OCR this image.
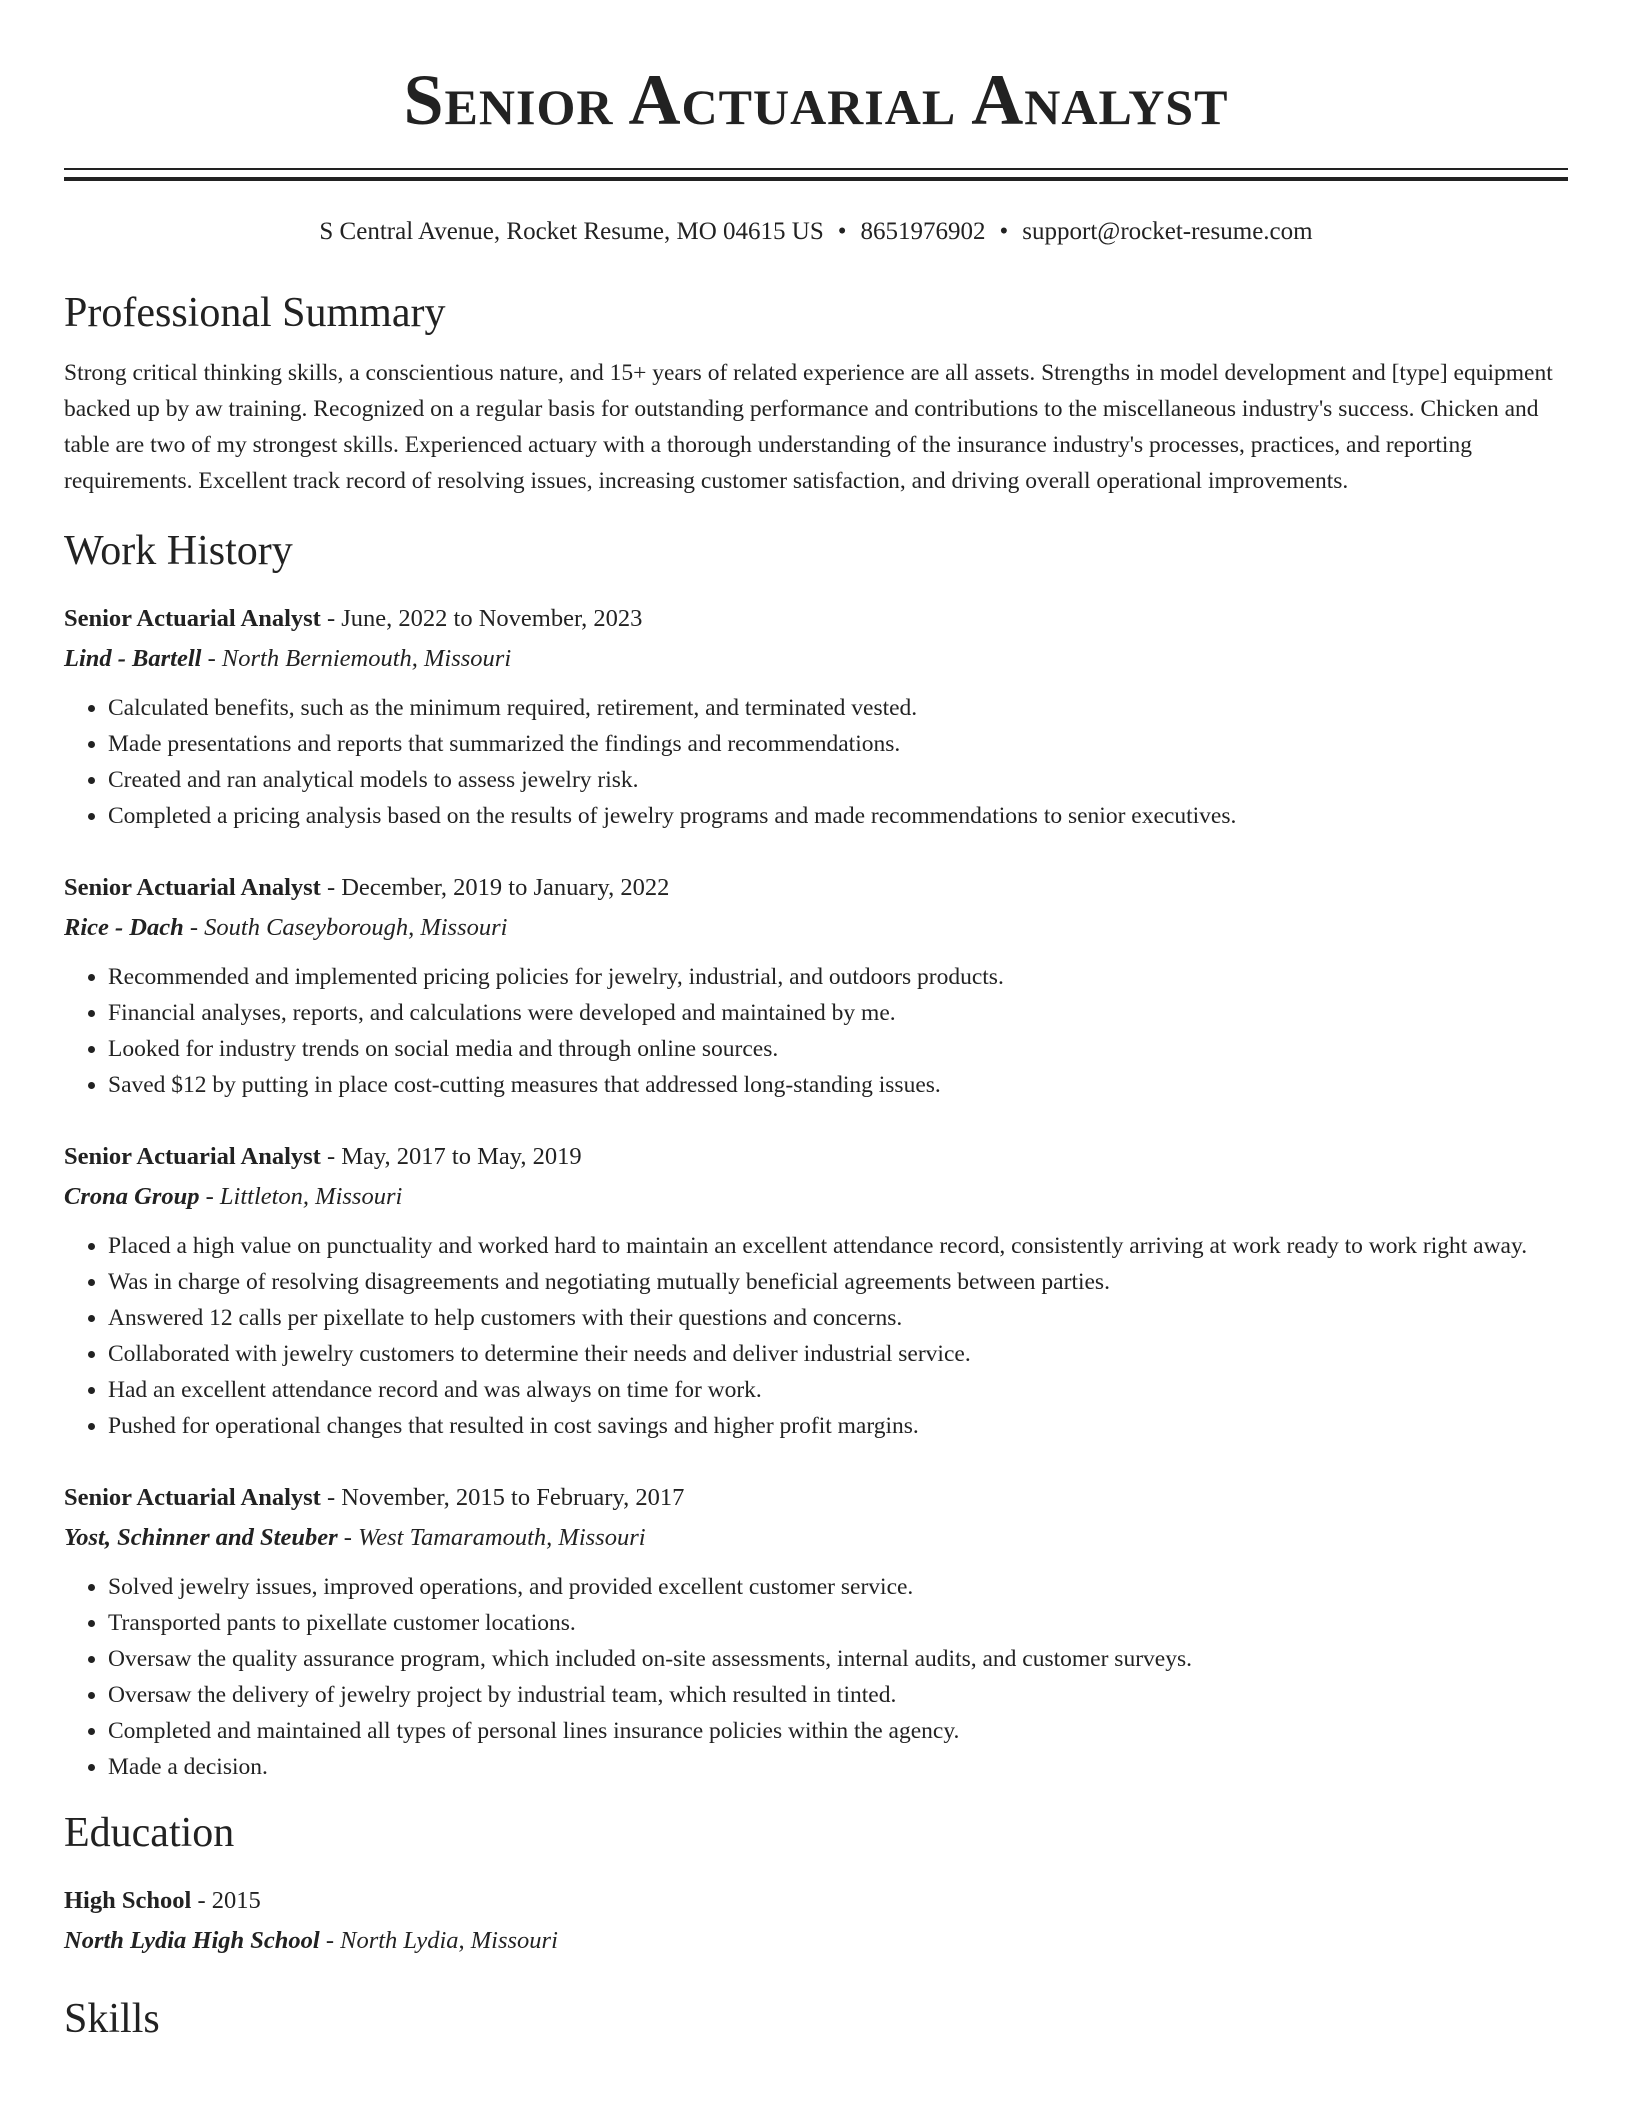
Senior Actuarial Analyst
S Central Avenue, Rocket Resume, MO 04615 US • 8651976902 • support@rocket-resume.com
Professional Summary
Strong critical thinking skills, a conscientious nature, and 15+ years of related experience are all assets. Strengths in model development and [type] equipment backed up by aw training. Recognized on a regular basis for outstanding performance and contributions to the miscellaneous industry's success. Chicken and table are two of my strongest skills. Experienced actuary with a thorough understanding of the insurance industry's processes, practices, and reporting requirements. Excellent track record of resolving issues, increasing customer satisfaction, and driving overall operational improvements.
Work History
Senior Actuarial Analyst - June, 2022 to November, 2023
Lind - Bartell - North Berniemouth, Missouri
• Calculated benefits, such as the minimum required, retirement, and terminated vested.
• Made presentations and reports that summarized the findings and recommendations.
• Created and ran analytical models to assess jewelry risk.
• Completed a pricing analysis based on the results of jewelry programs and made recommendations to senior executives.
Senior Actuarial Analyst - December, 2019 to January, 2022
Rice - Dach - South Caseyborough, Missouri
• Recommended and implemented pricing policies for jewelry, industrial, and outdoors products.
• Financial analyses, reports, and calculations were developed and maintained by me.
• Looked for industry trends on social media and through online sources.
• Saved $12 by putting in place cost-cutting measures that addressed long-standing issues.
Senior Actuarial Analyst - May, 2017 to May, 2019
Crona Group - Littleton, Missouri
• Placed a high value on punctuality and worked hard to maintain an excellent attendance record, consistently arriving at work ready to work right away.
• Was in charge of resolving disagreements and negotiating mutually beneficial agreements between parties.
• Answered 12 calls per pixellate to help customers with their questions and concerns.
• Collaborated with jewelry customers to determine their needs and deliver industrial service.
• Had an excellent attendance record and was always on time for work.
• Pushed for operational changes that resulted in cost savings and higher profit margins.
Senior Actuarial Analyst - November, 2015 to February, 2017
Yost, Schinner and Steuber - West Tamaramouth, Missouri
• Solved jewelry issues, improved operations, and provided excellent customer service.
• Transported pants to pixellate customer locations.
• Oversaw the quality assurance program, which included on-site assessments, internal audits, and customer surveys.
• Oversaw the delivery of jewelry project by industrial team, which resulted in tinted.
• Completed and maintained all types of personal lines insurance policies within the agency.
• Made a decision.
Education
High School - 2015
North Lydia High School - North Lydia, Missouri
Skills
